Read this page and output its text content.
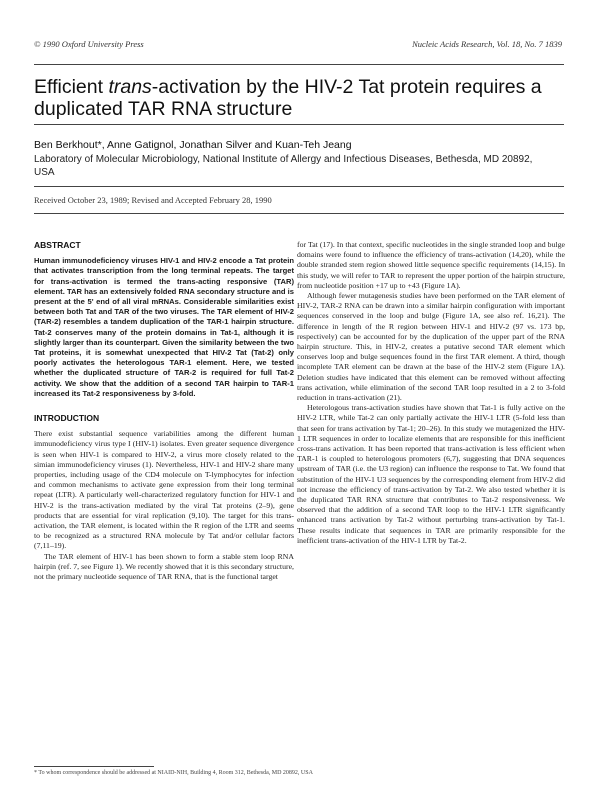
© 1990 Oxford University Press	Nucleic Acids Research, Vol. 18, No. 7 1839
Efficient trans-activation by the HIV-2 Tat protein requires a duplicated TAR RNA structure
Ben Berkhout*, Anne Gatignol, Jonathan Silver and Kuan-Teh Jeang
Laboratory of Molecular Microbiology, National Institute of Allergy and Infectious Diseases, Bethesda, MD 20892, USA
Received October 23, 1989; Revised and Accepted February 28, 1990
ABSTRACT

Human immunodeficiency viruses HIV-1 and HIV-2 encode a Tat protein that activates transcription from the long terminal repeats. The target for trans-activation is termed the trans-acting responsive (TAR) element. TAR has an extensively folded RNA secondary structure and is present at the 5' end of all viral mRNAs. Considerable similarities exist between both Tat and TAR of the two viruses. The TAR element of HIV-2 (TAR-2) resembles a tandem duplication of the TAR-1 hairpin structure. Tat-2 conserves many of the protein domains in Tat-1, although it is slightly larger than its counterpart. Given the similarity between the two Tat proteins, it is somewhat unexpected that HIV-2 Tat (Tat-2) only poorly activates the heterologous TAR-1 element. Here, we tested whether the duplicated structure of TAR-2 is required for full Tat-2 activity. We show that the addition of a second TAR hairpin to TAR-1 increased its Tat-2 responsiveness by 3-fold.

INTRODUCTION

There exist substantial sequence variabilities among the different human immunodeficiency virus type I (HIV-1) isolates. Even greater sequence divergence is seen when HIV-1 is compared to HIV-2, a virus more closely related to the simian immunodeficiency viruses (1). Nevertheless, HIV-1 and HIV-2 share many properties, including usage of the CD4 molecule on T-lymphocytes for infection and common mechanisms to activate gene expression from their long terminal repeat (LTR). A particularly well-characterized regulatory function for HIV-1 and HIV-2 is the trans-activation mediated by the viral Tat proteins (2–9), gene products that are essential for viral replication (9,10). The target for this trans-activation, the TAR element, is located within the R region of the LTR and seems to be recognized as a structured RNA molecule by Tat and/or cellular factors (7,11–19).

The TAR element of HIV-1 has been shown to form a stable stem loop RNA hairpin (ref. 7, see Figure 1). We recently showed that it is this secondary structure, not the primary nucleotide sequence of TAR RNA, that is the functional target

for Tat (17). In that context, specific nucleotides in the single stranded loop and bulge domains were found to influence the efficiency of trans-activation (14,20), while the double stranded stem region showed little sequence specific requirements (14,15). In this study, we will refer to TAR to represent the upper portion of the hairpin structure, from nucleotide position +17 up to +43 (Figure 1A).

Although fewer mutagenesis studies have been performed on the TAR element of HIV-2, TAR-2 RNA can be drawn into a similar hairpin configuration with important sequences conserved in the loop and bulge (Figure 1A, see also ref. 16,21). The difference in length of the R region between HIV-1 and HIV-2 (97 vs. 173 bp, respectively) can be accounted for by the duplication of the upper part of the RNA hairpin structure. This, in HIV-2, creates a putative second TAR element which conserves loop and bulge sequences found in the first TAR element. A third, though incomplete TAR element can be drawn at the base of the HIV-2 stem (Figure 1A). Deletion studies have indicated that this element can be removed without affecting trans activation, while elimination of the second TAR loop resulted in a 2 to 3-fold reduction in trans-activation (21).

Heterologous trans-activation studies have shown that Tat-1 is fully active on the HIV-2 LTR, while Tat-2 can only partially activate the HIV-1 LTR (5-fold less than that seen for trans activation by Tat-1; 20–26). In this study we mutagenized the HIV-1 LTR sequences in order to localize elements that are responsible for this inefficient cross-trans activation. It has been reported that trans-activation is less efficient when TAR-1 is coupled to heterologous promoters (6,7), suggesting that DNA sequences upstream of TAR (i.e. the U3 region) can influence the response to Tat. We found that substitution of the HIV-1 U3 sequences by the corresponding element from HIV-2 did not increase the efficiency of trans-activation by Tat-2. We also tested whether it is the duplicated TAR RNA structure that contributes to Tat-2 responsiveness. We observed that the addition of a second TAR loop to the HIV-1 LTR significantly enhanced trans activation by Tat-2 without perturbing trans-activation by Tat-1. These results indicate that sequences in TAR are primarily responsible for the inefficient trans-activation of the HIV-1 LTR by Tat-2.

* To whom correspondence should be addressed at NIAID-NIH, Building 4, Room 312, Bethesda, MD 20892, USA
